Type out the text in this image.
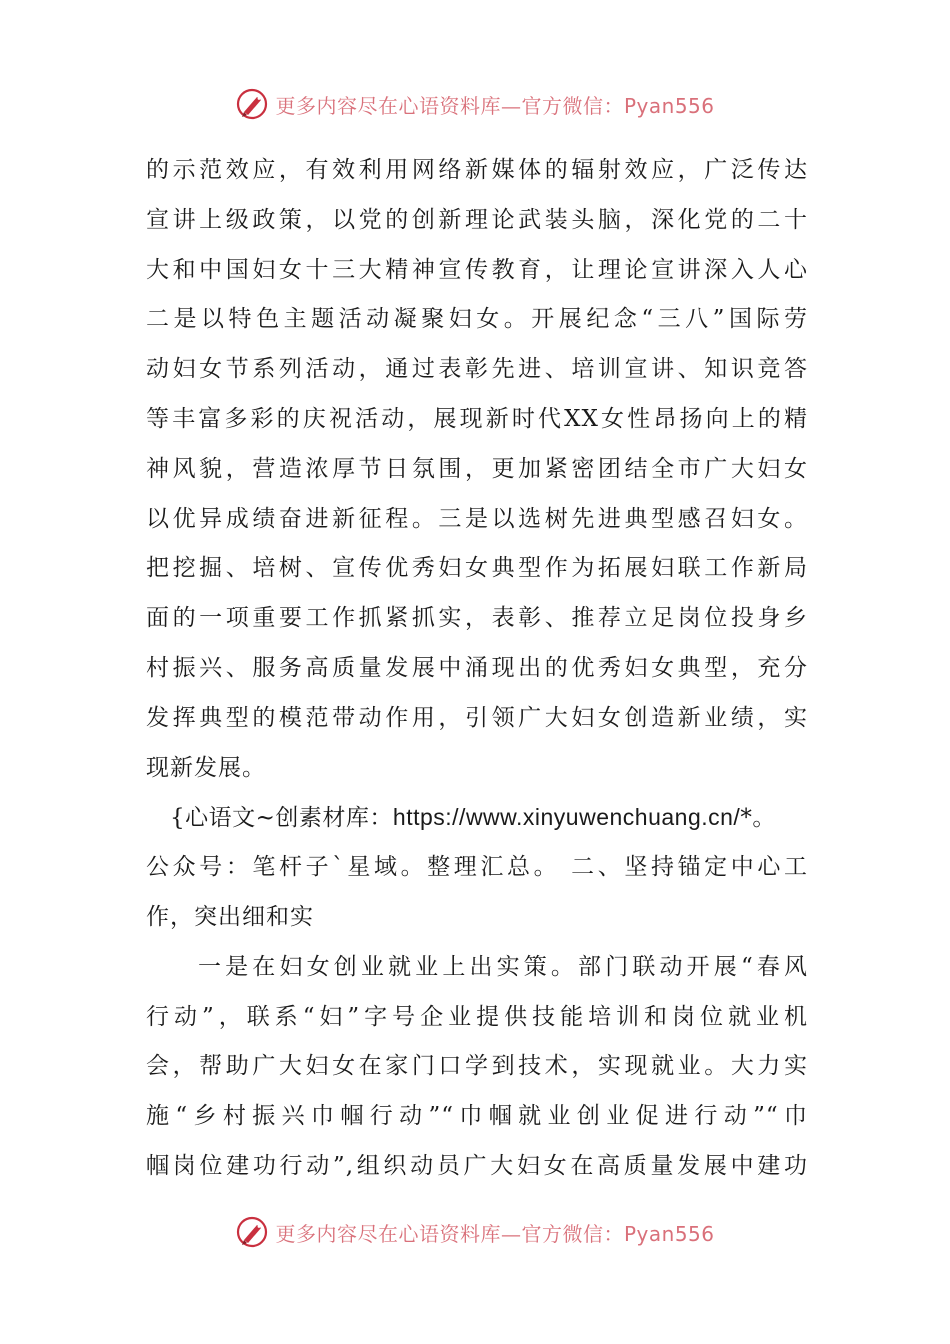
更多内容尽在心语资料库—官方微信：Pyan556
的示范效应，有效利用网络新媒体的辐射效应，广泛传达
宣讲上级政策，以党的创新理论武装头脑，深化党的二十
大和中国妇女十三大精神宣传教育，让理论宣讲深入人心
二是以特色主题活动凝聚妇女。开展纪念“三八”国际劳
动妇女节系列活动，通过表彰先进、培训宣讲、知识竞答
等丰富多彩的庆祝活动，展现新时代XX女性昂扬向上的精
神风貌，营造浓厚节日氛围，更加紧密团结全市广大妇女
以优异成绩奋进新征程。三是以选树先进典型感召妇女。
把挖掘、培树、宣传优秀妇女典型作为拓展妇联工作新局
面的一项重要工作抓紧抓实，表彰、推荐立足岗位投身乡
村振兴、服务高质量发展中涌现出的优秀妇女典型，充分
发挥典型的模范带动作用，引领广大妇女创造新业绩，实
现新发展。
{心语文~创素材库：https://www.xinyuwenchuang.cn/*。
公众号：笔杆子`星域。整理汇总。 二、坚持锚定中心工
作，突出细和实
一是在妇女创业就业上出实策。部门联动开展“春风
行动”，联系“妇”字号企业提供技能培训和岗位就业机
会，帮助广大妇女在家门口学到技术，实现就业。大力实
施“乡村振兴巾帼行动”“巾帼就业创业促进行动”“巾
帼岗位建功行动”,组织动员广大妇女在高质量发展中建功
更多内容尽在心语资料库—官方微信：Pyan556
